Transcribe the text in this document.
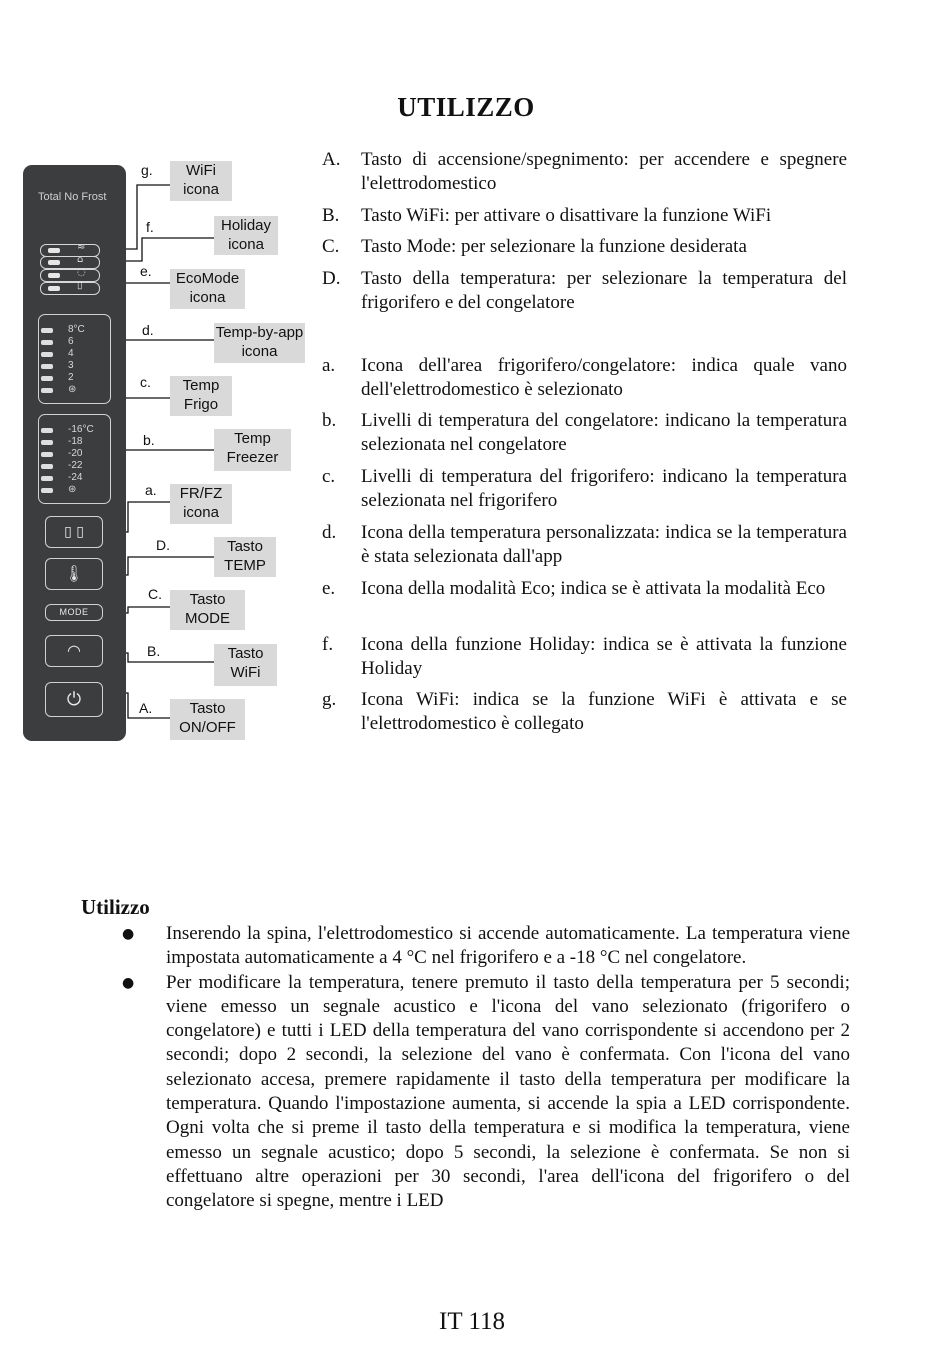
UTILIZZO
Total No Frost
≈
⌂
◌
▯
8°C
6
4
3
2
⊛
-16°C
-18
-20
-22
-24
⊛
▯ ▯
🌡
MODE
◠
⏻
g.	WiFi
icona
f.	Holiday
icona
e.	EcoMode
icona
d.	Temp-by-app
icona
c.	Temp
Frigo
b.	Temp
Freezer
a.	FR/FZ
icona
D.	Tasto
TEMP
C.	Tasto
MODE
B.	Tasto
WiFi
A.	Tasto
ON/OFF
A. Tasto di accensione/spegnimento: per accendere e spegnere l'elettrodomestico
B. Tasto WiFi: per attivare o disattivare la funzione WiFi
C. Tasto Mode: per selezionare la funzione desiderata
D. Tasto della temperatura: per selezionare la temperatura del frigorifero e del congelatore
a. Icona dell'area frigorifero/congelatore: indica quale vano dell'elettrodomestico è selezionato
b. Livelli di temperatura del congelatore: indicano la temperatura selezionata nel congelatore
c. Livelli di temperatura del frigorifero: indicano la temperatura selezionata nel frigorifero
d. Icona della temperatura personalizzata: indica se la temperatura è stata selezionata dall'app
e. Icona della modalità Eco; indica se è attivata la modalità Eco
f. Icona della funzione Holiday: indica se è attivata la funzione Holiday
g. Icona WiFi: indica se la funzione WiFi è attivata e se l'elettrodomestico è collegato
Utilizzo
● Inserendo la spina, l'elettrodomestico si accende automaticamente. La temperatura viene impostata automaticamente a 4 °C nel frigorifero e a -18 °C nel congelatore.
● Per modificare la temperatura, tenere premuto il tasto della temperatura per 5 secondi; viene emesso un segnale acustico e l'icona del vano selezionato (frigorifero o congelatore) e tutti i LED della temperatura del vano corrispondente si accendono per 2 secondi; dopo 2 secondi, la selezione del vano è confermata. Con l'icona del vano selezionato accesa, premere rapidamente il tasto della temperatura per modificare la temperatura. Quando l'impostazione aumenta, si accende la spia a LED corrispondente. Ogni volta che si preme il tasto della temperatura e si modifica la temperatura, viene emesso un segnale acustico; dopo 5 secondi, la selezione è confermata. Se non si effettuano altre operazioni per 30 secondi, l'area dell'icona del frigorifero o del congelatore si spegne, mentre i LED
IT 118
